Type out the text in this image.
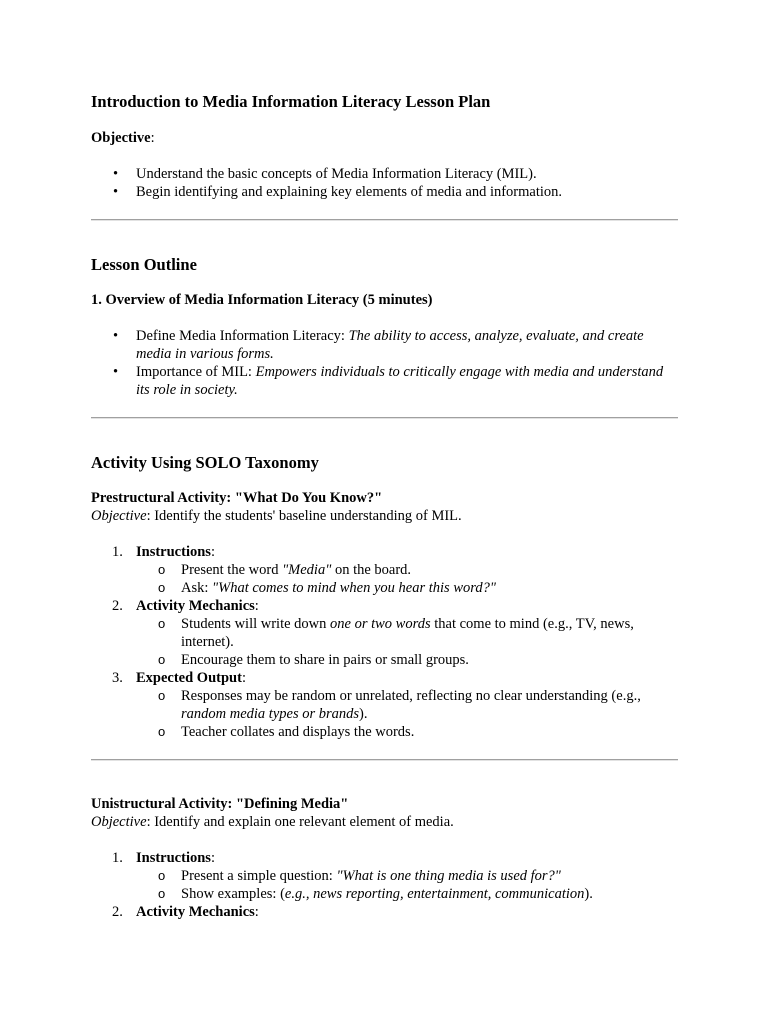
Introduction to Media Information Literacy Lesson Plan

Objective:

• Understand the basic concepts of Media Information Literacy (MIL).
• Begin identifying and explaining key elements of media and information.
Lesson Outline
1. Overview of Media Information Literacy (5 minutes)
• Define Media Information Literacy: The ability to access, analyze, evaluate, and create media in various forms.
• Importance of MIL: Empowers individuals to critically engage with media and understand its role in society.
Activity Using SOLO Taxonomy
Prestructural Activity: "What Do You Know?"

Objective: Identify the students' baseline understanding of MIL.

1. Instructions:
o Present the word "Media" on the board.
o Ask: "What comes to mind when you hear this word?"
2. Activity Mechanics:
o Students will write down one or two words that come to mind (e.g., TV, news, internet).
o Encourage them to share in pairs or small groups.
3. Expected Output:
o Responses may be random or unrelated, reflecting no clear understanding (e.g., random media types or brands).
o Teacher collates and displays the words.
Unistructural Activity: "Defining Media"

Objective: Identify and explain one relevant element of media.

1. Instructions:
o Present a simple question: "What is one thing media is used for?"
o Show examples: (e.g., news reporting, entertainment, communication).
2. Activity Mechanics:
